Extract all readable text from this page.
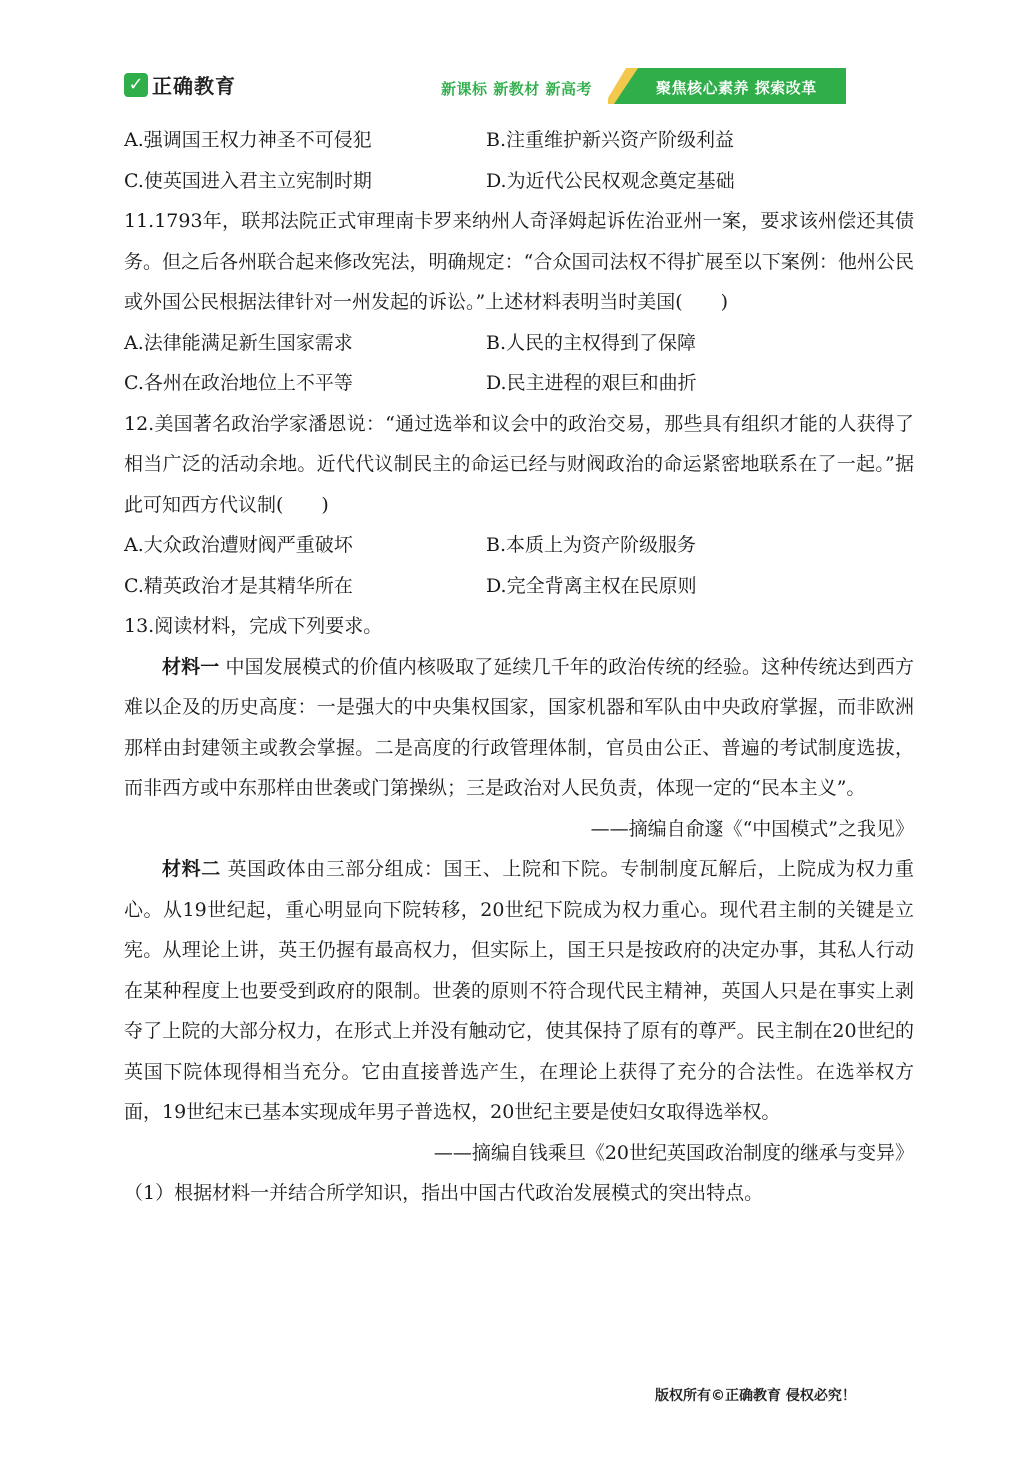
✓ 正确教育	新课标 新教材 新高考	聚焦核心素养 探索改革
A.强调国王权力神圣不可侵犯	B.注重维护新兴资产阶级利益
C.使英国进入君主立宪制时期	D.为近代公民权观念奠定基础
11.1793年，联邦法院正式审理南卡罗来纳州人奇泽姆起诉佐治亚州一案，要求该州偿还其债务。但之后各州联合起来修改宪法，明确规定：“合众国司法权不得扩展至以下案例：他州公民或外国公民根据法律针对一州发起的诉讼。”上述材料表明当时美国(　　)
A.法律能满足新生国家需求	B.人民的主权得到了保障
C.各州在政治地位上不平等	D.民主进程的艰巨和曲折
12.美国著名政治学家潘恩说：“通过选举和议会中的政治交易，那些具有组织才能的人获得了相当广泛的活动余地。近代代议制民主的命运已经与财阀政治的命运紧密地联系在了一起。”据此可知西方代议制(　　)
A.大众政治遭财阀严重破坏	B.本质上为资产阶级服务
C.精英政治才是其精华所在	D.完全背离主权在民原则
13.阅读材料，完成下列要求。
材料一 中国发展模式的价值内核吸取了延续几千年的政治传统的经验。这种传统达到西方难以企及的历史高度：一是强大的中央集权国家，国家机器和军队由中央政府掌握，而非欧洲那样由封建领主或教会掌握。二是高度的行政管理体制，官员由公正、普遍的考试制度选拔，而非西方或中东那样由世袭或门第操纵；三是政治对人民负责，体现一定的“民本主义”。
——摘编自俞邃《“中国模式”之我见》
材料二 英国政体由三部分组成：国王、上院和下院。专制制度瓦解后，上院成为权力重心。从19世纪起，重心明显向下院转移，20世纪下院成为权力重心。现代君主制的关键是立宪。从理论上讲，英王仍握有最高权力，但实际上，国王只是按政府的决定办事，其私人行动在某种程度上也要受到政府的限制。世袭的原则不符合现代民主精神，英国人只是在事实上剥夺了上院的大部分权力，在形式上并没有触动它，使其保持了原有的尊严。民主制在20世纪的英国下院体现得相当充分。它由直接普选产生，在理论上获得了充分的合法性。在选举权方面，19世纪末已基本实现成年男子普选权，20世纪主要是使妇女取得选举权。
——摘编自钱乘旦《20世纪英国政治制度的继承与变异》
（1）根据材料一并结合所学知识，指出中国古代政治发展模式的突出特点。
版权所有©正确教育 侵权必究！
